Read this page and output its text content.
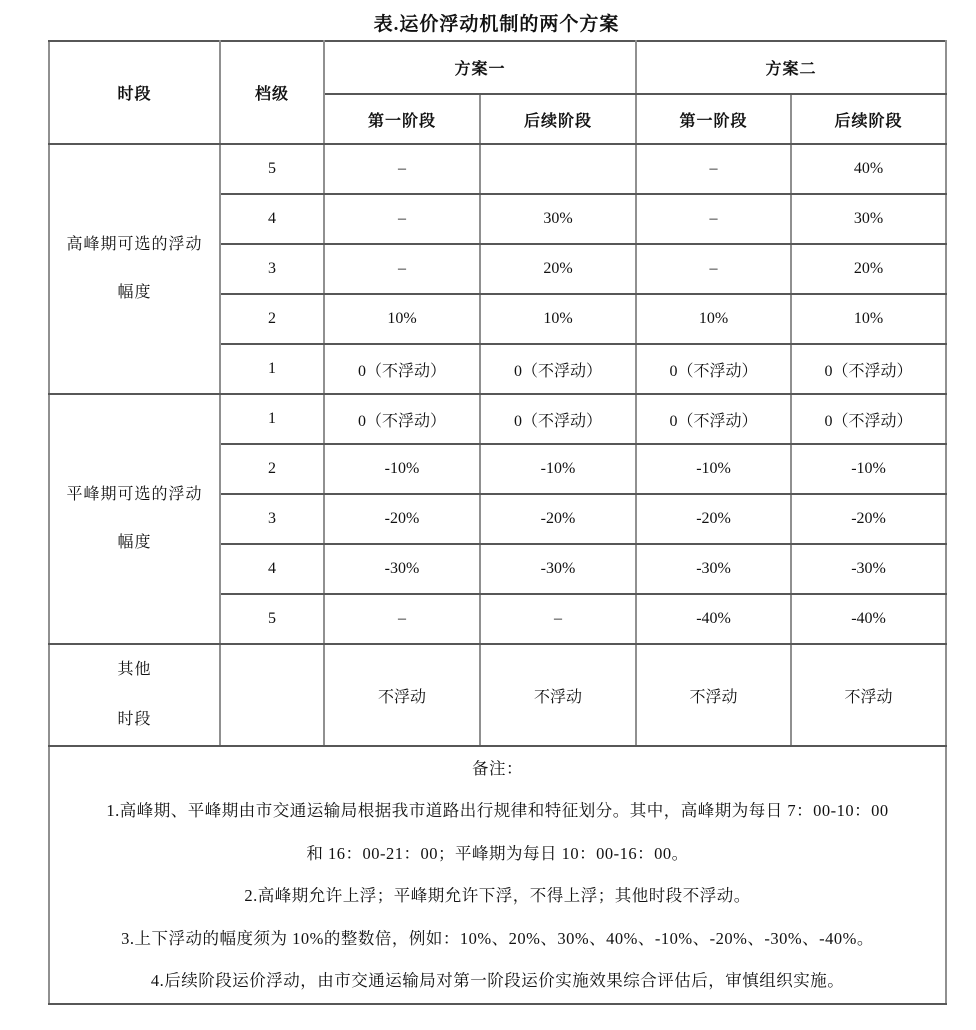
表.运价浮动机制的两个方案
时段	档级	方案一		方案二	
		第一阶段	后续阶段	第一阶段	后续阶段

高峰期可选的浮动
幅度	5	–		–	40%
	4	–	30%	–	30%
	3	–	20%	–	20%
	2	10%	10%	10%	10%
	1	0（不浮动）	0（不浮动）	0（不浮动）	0（不浮动）

平峰期可选的浮动
幅度	1	0（不浮动）	0（不浮动）	0（不浮动）	0（不浮动）
	2	-10%	-10%	-10%	-10%
	3	-20%	-20%	-20%	-20%
	4	-30%	-30%	-30%	-30%
	5	–	–	-40%	-40%

其他
时段		不浮动	不浮动	不浮动	不浮动

备注：
1.高峰期、平峰期由市交通运输局根据我市道路出行规律和特征划分。其中，高峰期为每日 7：00-10：00
和 16：00-21：00；平峰期为每日 10：00-16：00。
2.高峰期允许上浮；平峰期允许下浮，不得上浮；其他时段不浮动。
3.上下浮动的幅度须为 10%的整数倍，例如：10%、20%、30%、40%、-10%、-20%、-30%、-40%。
4.后续阶段运价浮动，由市交通运输局对第一阶段运价实施效果综合评估后，审慎组织实施。
